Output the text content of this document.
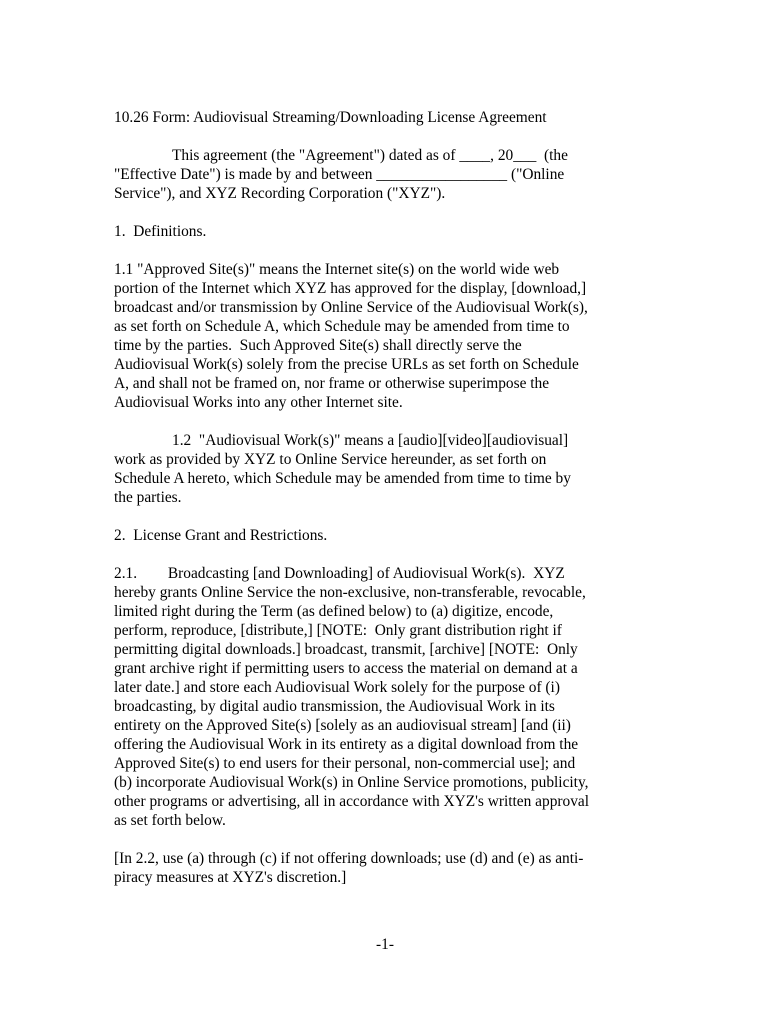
10.26 Form: Audiovisual Streaming/Downloading License Agreement

This agreement (the "Agreement") dated as of ____, 20___  (the

"Effective Date") is made by and between _________________ ("Online

Service"), and XYZ Recording Corporation ("XYZ").

1.  Definitions.

1.1 "Approved Site(s)" means the Internet site(s) on the world wide web

portion of the Internet which XYZ has approved for the display, [download,]

broadcast and/or transmission by Online Service of the Audiovisual Work(s),

as set forth on Schedule A, which Schedule may be amended from time to

time by the parties.  Such Approved Site(s) shall directly serve the

Audiovisual Work(s) solely from the precise URLs as set forth on Schedule

A, and shall not be framed on, nor frame or otherwise superimpose the

Audiovisual Works into any other Internet site.

1.2  "Audiovisual Work(s)" means a [audio][video][audiovisual]

work as provided by XYZ to Online Service hereunder, as set forth on

Schedule A hereto, which Schedule may be amended from time to time by

the parties.

2.  License Grant and Restrictions.

2.1.        Broadcasting [and Downloading] of Audiovisual Work(s).  XYZ

hereby grants Online Service the non-exclusive, non-transferable, revocable,

limited right during the Term (as defined below) to (a) digitize, encode,

perform, reproduce, [distribute,] [NOTE:  Only grant distribution right if

permitting digital downloads.] broadcast, transmit, [archive] [NOTE:  Only

grant archive right if permitting users to access the material on demand at a

later date.] and store each Audiovisual Work solely for the purpose of (i)

broadcasting, by digital audio transmission, the Audiovisual Work in its

entirety on the Approved Site(s) [solely as an audiovisual stream] [and (ii)

offering the Audiovisual Work in its entirety as a digital download from the

Approved Site(s) to end users for their personal, non-commercial use]; and

(b) incorporate Audiovisual Work(s) in Online Service promotions, publicity,

other programs or advertising, all in accordance with XYZ's written approval

as set forth below.

[In 2.2, use (a) through (c) if not offering downloads; use (d) and (e) as anti-

piracy measures at XYZ's discretion.]

-1-
